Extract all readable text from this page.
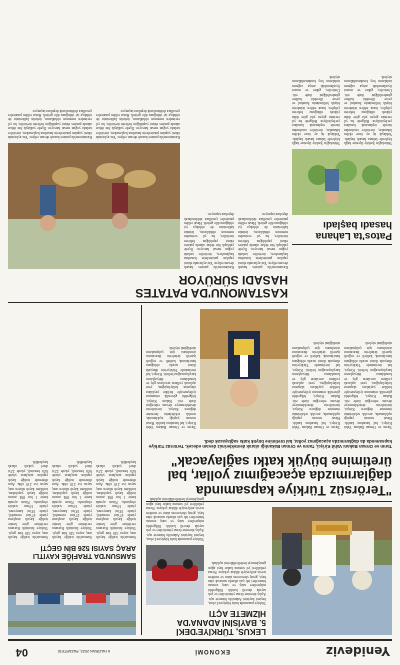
Yenideviz
EKONOMİ
6 HAZİRAN 2022, PAZARTESİ
04
LEKUS, TÜRKİYE'DEKİ
5. BAYİSİNİ ADANA'DA
HİZMETE AÇTI
Türkiye pazarında hızla büyüyen Lekus, beşinci bayisini Adana'da hizmete açtı. Açılış törenine firma yöneticileri ve çok sayıda davetli katıldı. Bölgedeki müşterilere satış ve satış sonrası hizmetleri tek çatı altında sunacak olan bayi, geniş showroom alanı ve modern servis atölyesiyle dikkat çekiyor. Firma yetkilileri yıl sonuna kadar bayi ağını genişletmeyi hedeflediklerini açıkladı.
Türkiye pazarında hızla büyüyen Lekus, beşinci bayisini Adana'da hizmete açtı. Açılış törenine firma yöneticileri ve çok sayıda davetli katıldı. Bölgedeki müşterilere satış ve satış sonrası hizmetleri tek çatı altında sunacak olan bayi, geniş showroom alanı ve modern servis atölyesiyle dikkat çekiyor. Firma yetkilileri yıl sonuna kadar bayi ağını genişletmeyi hedeflediklerini açıkladı.
SAMSUN'DA TRAFİĞE KAYITLI
ARAÇ SAYISI 526 BİN GEÇTİ
Samsun'da trafiğe kayıtlı araç sayısı 526 bini geçti. Türkiye İstatistik Kurumu verilerine göre kentte trafiğe kayıtlı araçların yüzde 47'sini otomobil, yüzde 18'ini kamyonet, yüzde 16'sını traktör oluşturdu. Nisan ayında kente 1 bin 894 aracın trafiğe kaydı yapılırken, trafikten kaydı silinen araç sayısı ise 210 oldu. Aynı dönemde trafiğe kaydı yapılan araçların yüzde 64'ü benzinli, yüzde 22'si dizel yakıtlı olarak kaydedildi.
Samsun'da trafiğe kayıtlı araç sayısı 526 bini geçti. Türkiye İstatistik Kurumu verilerine göre kentte trafiğe kayıtlı araçların yüzde 47'sini otomobil, yüzde 18'ini kamyonet, yüzde 16'sını traktör oluşturdu. Nisan ayında kente 1 bin 894 aracın trafiğe kaydı yapılırken, trafikten kaydı silinen araç sayısı ise 210 oldu. Aynı dönemde trafiğe kaydı yapılan araçların yüzde 64'ü benzinli, yüzde 22'si dizel yakıtlı olarak kaydedildi.
Samsun'da trafiğe kayıtlı araç sayısı 526 bini geçti. Türkiye İstatistik Kurumu verilerine göre kentte trafiğe kayıtlı araçların yüzde 47'sini otomobil, yüzde 18'ini kamyonet, yüzde 16'sını traktör oluşturdu. Nisan ayında kente 1 bin 894 aracın trafiğe kaydı yapılırken, trafikten kaydı silinen araç sayısı ise 210 oldu. Aynı dönemde trafiğe kaydı yapılan araçların yüzde 64'ü benzinli, yüzde 22'si dizel yakıtlı olarak kaydedildi.
"Terörsüz Türkiye kapsamında
dağlarımızda açacağımız yollar, bal
üretimine büyük katkı sağlayacak"
Tarım ve Orman Bakanı Vahit Kirişci, Tarım ve Orman Bakanlığı olarak desteklerimiz devam edecek. Terörsüz Türkiye kapsamında da dağlarımızda açacağımız yollar, bal üretimine büyük katkı sağlayacak dedi.
Tarım ve Orman Bakanı Vahit Kirişci, bal hasadına katıldı. Hasat sonrası yaptığı açıklamada, arıcılık sektörünün önemine değinen Kirişci, üreticilerin desteklenmeye devam edeceğini ifade etti. Bakan Kirişci, bölgedeki güvenlik ortamının iyileşmesiyle birlikte yaylalara ulaşımın kolaylaştığını, yeni açılacak yolların arıcıların göç ve konaklama ihtiyaçlarını karşılayacağını belirtti. Kirişci, bal üretiminde Türkiye'nin dünyada ikinci sırada olduğunu hatırlatarak, kaliteli ve coğrafi işaretli ürünlerin ihracatının artırılması için çalışmaların sürdüğünü söyledi.
Tarım ve Orman Bakanı Vahit Kirişci, bal hasadına katıldı. Hasat sonrası yaptığı açıklamada, arıcılık sektörünün önemine değinen Kirişci, üreticilerin desteklenmeye devam edeceğini ifade etti. Bakan Kirişci, bölgedeki güvenlik ortamının iyileşmesiyle birlikte yaylalara ulaşımın kolaylaştığını, yeni açılacak yolların arıcıların göç ve konaklama ihtiyaçlarını karşılayacağını belirtti. Kirişci, bal üretiminde Türkiye'nin dünyada ikinci sırada olduğunu hatırlatarak, kaliteli ve coğrafi işaretli ürünlerin ihracatının artırılması için çalışmaların sürdüğünü söyledi.
Tarım ve Orman Bakanı Vahit Kirişci, bal hasadına katıldı. Hasat sonrası yaptığı açıklamada, arıcılık sektörünün önemine değinen Kirişci, üreticilerin desteklenmeye devam edeceğini ifade etti. Bakan Kirişci, bölgedeki güvenlik ortamının iyileşmesiyle birlikte yaylalara ulaşımın kolaylaştığını, yeni açılacak yolların arıcıların göç ve konaklama ihtiyaçlarını karşılayacağını belirtti. Kirişci, bal üretiminde Türkiye'nin dünyada ikinci sırada olduğunu hatırlatarak, kaliteli ve coğrafi işaretli ürünlerin ihracatının artırılması için çalışmaların sürdüğünü söyledi.
KASTAMONU'DA PATATES
HASADI SÜRÜYOR
Kastamonu'da patates hasadı devam ediyor. Yaz aylarında ekimi yapılan patateslerin hasadına başlanırken, üreticiler tarlada yoğun mesai harcıyor. İlçede yaklaşık bin dekar alanda patates ekimi yapıldığını belirten üreticiler, bu yıl verimden memnun olduklarını, ürünün kalitesinin de oldukça iyi olduğunu dile getirdi. Hasat edilen patatesler çuvallara doldurularak depolara taşınıyor.
Kastamonu'da patates hasadı devam ediyor. Yaz aylarında ekimi yapılan patateslerin hasadına başlanırken, üreticiler tarlada yoğun mesai harcıyor. İlçede yaklaşık bin dekar alanda patates ekimi yapıldığını belirten üreticiler, bu yıl verimden memnun olduklarını, ürünün kalitesinin de oldukça iyi olduğunu dile getirdi. Hasat edilen patatesler çuvallara doldurularak depolara taşınıyor.
Kastamonu'da patates hasadı devam ediyor. Yaz aylarında ekimi yapılan patateslerin hasadına başlanırken, üreticiler tarlada yoğun mesai harcıyor. İlçede yaklaşık bin dekar alanda patates ekimi yapıldığını belirten üreticiler, bu yıl verimden memnun olduklarını, ürünün kalitesinin de oldukça iyi olduğunu dile getirdi. Hasat edilen patatesler çuvallara doldurularak depolara taşınıyor.
Kastamonu'da patates hasadı devam ediyor. Yaz aylarında ekimi yapılan patateslerin hasadına başlanırken, üreticiler tarlada yoğun mesai harcıyor. İlçede yaklaşık bin dekar alanda patates ekimi yapıldığını belirten üreticiler, bu yıl verimden memnun olduklarını, ürünün kalitesinin de oldukça iyi olduğunu dile getirdi. Hasat edilen patatesler çuvallara doldurularak depolara taşınıyor.
Patos'ta Lahana
hasadı başladı
Tekirdağ'ın Şarköy ilçesine bağlı köylerde lahana hasadı başladı. Yaklaşık üç ay önce ekilen lahanalar, üreticiler tarafından özenle toplanarak kasalara yerleştiriliyor. Bölgede bu yıl verimin geçen yıla göre daha yüksek olduğunu belirten çiftçiler, hasat edilen ürünlerin büyük bölümünün İstanbul ve çevre illerdeki hallere gönderildiğini ifade etti. Üreticiler, gübre ve mazot fiyatlarındaki artışa rağmen tarlalarını boş bırakmadıklarını söyledi.
Tekirdağ'ın Şarköy ilçesine bağlı köylerde lahana hasadı başladı. Yaklaşık üç ay önce ekilen lahanalar, üreticiler tarafından özenle toplanarak kasalara yerleştiriliyor. Bölgede bu yıl verimin geçen yıla göre daha yüksek olduğunu belirten çiftçiler, hasat edilen ürünlerin büyük bölümünün İstanbul ve çevre illerdeki hallere gönderildiğini ifade etti. Üreticiler, gübre ve mazot fiyatlarındaki artışa rağmen tarlalarını boş bırakmadıklarını söyledi.
